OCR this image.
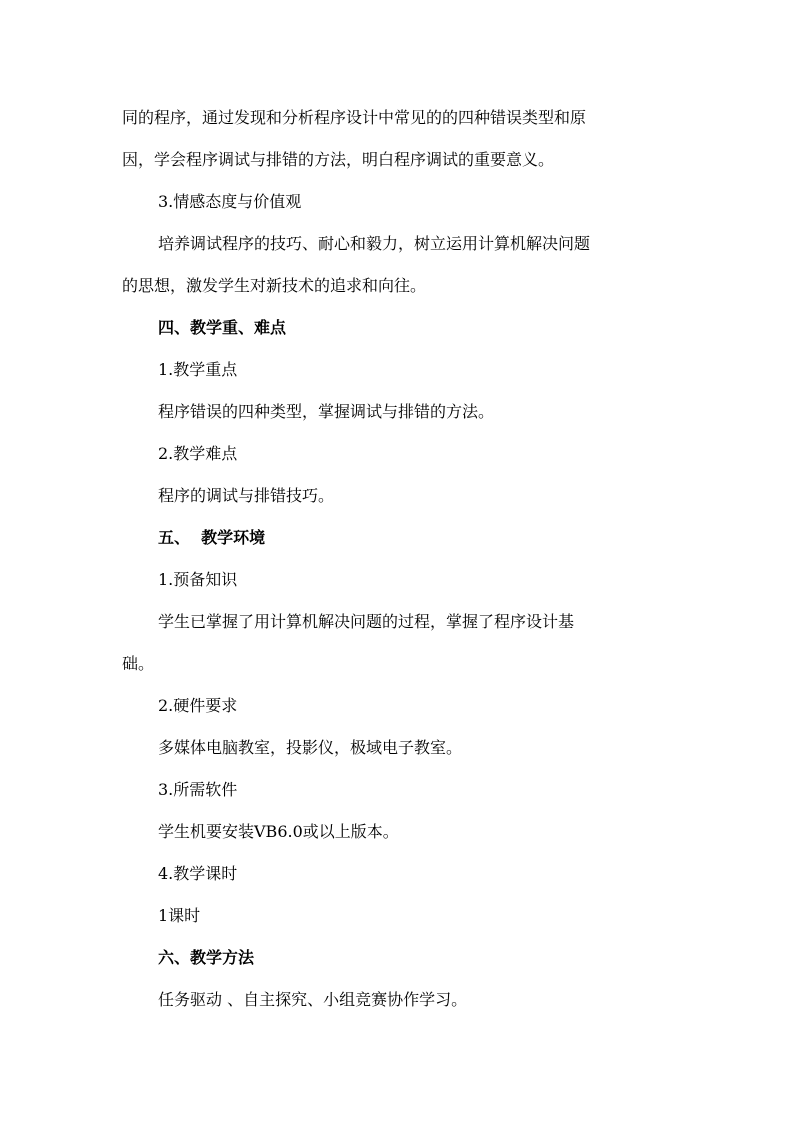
同的程序，通过发现和分析程序设计中常见的的四种错误类型和原
因，学会程序调试与排错的方法，明白程序调试的重要意义。
3.情感态度与价值观
培养调试程序的技巧、耐心和毅力，树立运用计算机解决问题
的思想，激发学生对新技术的追求和向往。
四、教学重、难点
1.教学重点
程序错误的四种类型，掌握调试与排错的方法。
2.教学难点
程序的调试与排错技巧。
五、  教学环境
1.预备知识
学生已掌握了用计算机解决问题的过程，掌握了程序设计基
础。
2.硬件要求
多媒体电脑教室，投影仪，极域电子教室。
3.所需软件
学生机要安装VB6.0或以上版本。
4.教学课时
1课时
六、教学方法
任务驱动 、自主探究、小组竞赛协作学习。
